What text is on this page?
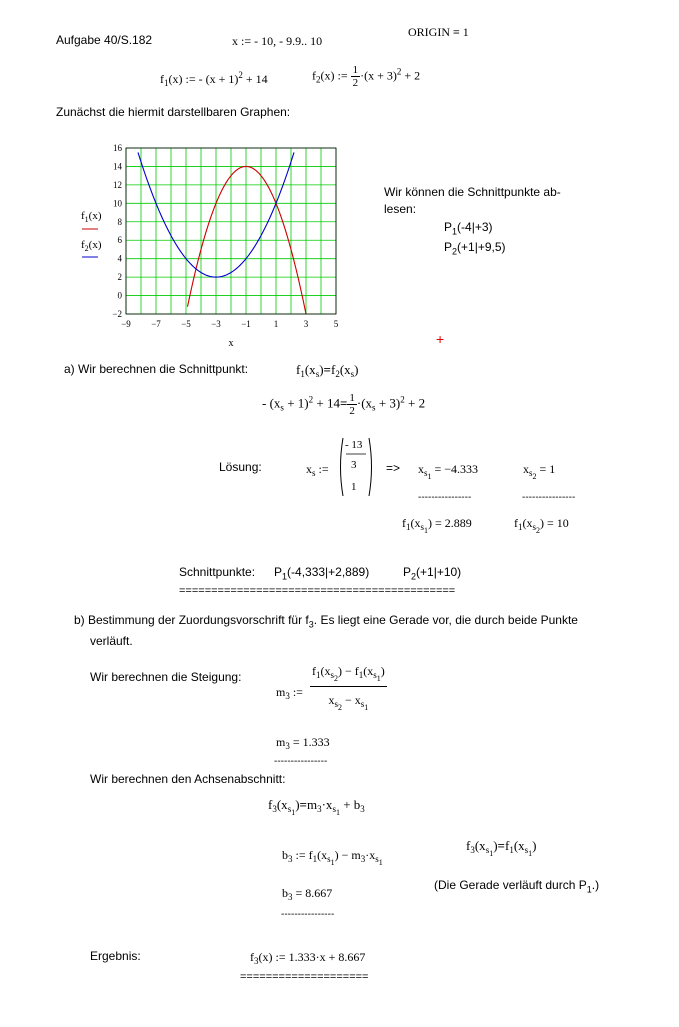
Aufgabe 40/S.182	x := - 10, - 9.9.. 10
ORIGIN ≡ 1
$f_1(x)$ := - $(x + 1)^2 + 14$	$f_2(x)$ := $\frac{1}{2} \cdot(x + 3)^2 + 2$
Zunächst die hiermit darstellbaren Graphen:
16
14
12
10
8
6
4
2
0
−2
−9 −7 −5 −3 −1	1	3	5
x
$f_1(x)$
$f_2(x)$
Wir können die Schnittpunkte ab-
lesen:
$P_1(-4|+3)$
$P_2(+1|+9,5)$
+
a) Wir berechnen die Schnittpunkt:	$f_1(x_s)=f_2(x_s)$
- $(x_s + 1)^2 + 14= \frac{1}{2} \cdot(x_s + 3)^2 + 2$
Lösung:	$x_s$ :=
- 13
3
1
=> $x_{s1} = -4.333$	$x_{s2} = 1$
----------------	----------------
$f_1(x_{s1}) = 2.889$	$f_1(x_{s2}) = 10$
Schnittpunkte: $P_1(-4,333|+2,889)$	$P_2(+1|+10)$
===========================================
b) Bestimmung der Zuordungsvorschrift für $f_3$. Es liegt eine Gerade vor, die durch beide Punkte
verläuft.
Wir berechnen die Steigung:
$m_3$ :=
$f_1(x_{s2}) - f_1(x_{s1})$
$x_{s2} - x_{s1}$
$m_3 = 1.333$
----------------
Wir berechnen den Achsenabschnitt:
$f_3(x_{s1})=m_3\cdot x_{s1} + b_3$
$b_3$ := $f_1(x_{s1}) - m_3\cdot x_{s1}$
$f_3(x_{s1})=f_1(x_{s1})$
(Die Gerade verläuft durch $P_1$.)
$b_3 = 8.667$
----------------
Ergebnis:	$f_3(x)$ := 1.333·x + 8.667
====================
